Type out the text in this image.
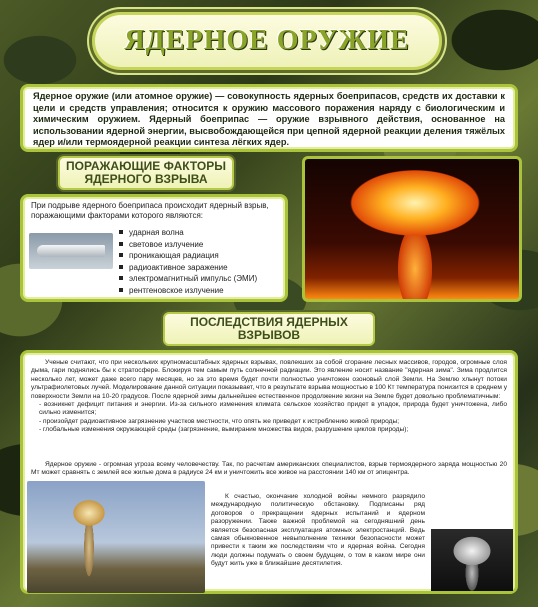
ЯДЕРНОЕ ОРУЖИЕ

Ядерное оружие (или атомное оружие) — совокупность ядерных боеприпасов, средств их доставки к цели и средств управления; относится к оружию массового поражения наряду с биологическим и химическим оружием. Ядерный боеприпас — оружие взрывного действия, основанное на использовании ядерной энергии, высвобождающейся при цепной ядерной реакции деления тяжёлых ядер и/или термоядерной реакции синтеза лёгких ядер.

ПОРАЖАЮЩИЕ ФАКТОРЫ ЯДЕРНОГО ВЗРЫВА

При подрыве ядерного боеприпаса происходит ядерный взрыв, поражающими факторами которого являются:

ударная волна
световое излучение
проникающая радиация
радиоактивное заражение
электромагнитный импульс (ЭМИ)
рентгеновское излучение
ПОСЛЕДСТВИЯ ЯДЕРНЫХ ВЗРЫВОВ

Ученые считают, что при нескольких крупномасштабных ядерных взрывах, повлекших за собой сгорание лесных массивов, городов, огромные слоя дыма, гари поднялись бы к стратосфере. Блокируя тем самым путь солнечной радиации. Это явление носит название "ядерная зима". Зима продлится несколько лет, может даже всего пару месяцев, но за это время будет почти полностью уничтожен озоновый слой Земли. На Землю хлынут потоки ультрафиолетовых лучей. Моделирование данной ситуации показывает, что в результате взрыва мощностью в 100 Кт температура понизится в среднем у поверхности Земли на 10-20 градусов. После ядерной зимы дальнейшее естественное продолжение жизни на Земле будет довольно проблематичным:

- возникнет дефицит питания и энергии. Из-за сильного изменения климата сельское хозяйство придет в упадок, природа будет уничтожена, либо сильно изменится;

- произойдет радиоактивное загрязнение участков местности, что опять же приведет к истреблению живой природы;

- глобальные изменения окружающей среды (загрязнение, вымирание множества видов, разрушение циклов природы);

Ядерное оружие - огромная угроза всему человечеству. Так, по расчетам американских специалистов, взрыв термоядерного заряда мощностью 20 Мт может сравнять с землей все жилые дома в радиусе 24 км и уничтожить все живое на расстоянии 140 км от эпицентра.

К счастью, окончание холодной войны немного разрядило международную политическую обстановку. Подписаны ряд договоров о прекращении ядерных испытаний и ядерном разоружении. Также важной проблемой на сегодняшний день является безопасная эксплуатация атомных электростанций. Ведь самая обыкновенное невыполнение техники безопасности может привести к таким же последствиям что и ядерная война. Сегодня люди должны подумать о своем будущем, о том в каком мире они будут жить уже в ближайшие десятилетия.
